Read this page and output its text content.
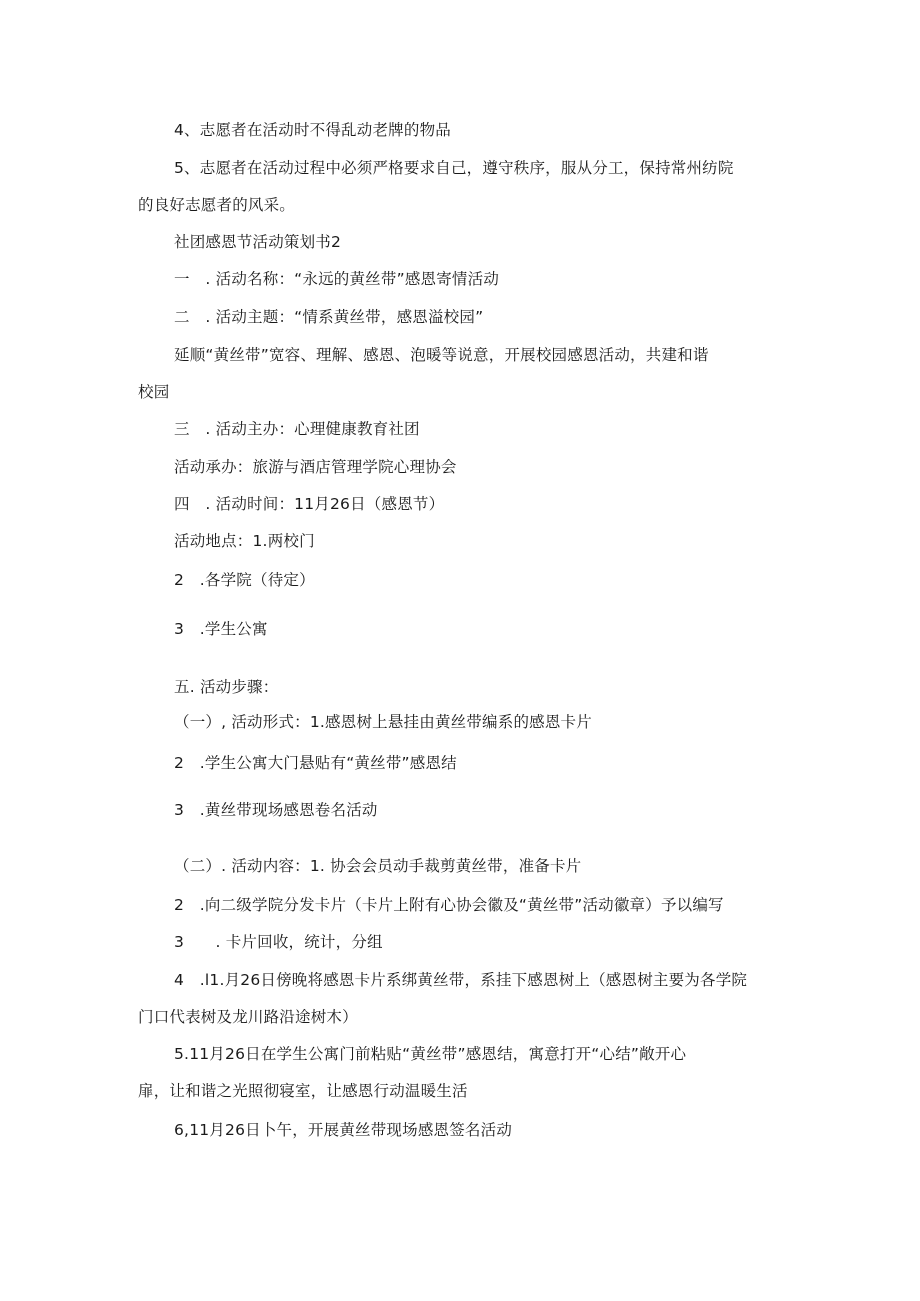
4、志愿者在活动时不得乱动老牌的物品
5、志愿者在活动过程中必须严格要求自己，遵守秩序，服从分工，保持常州纺院
的良好志愿者的风采。
社团感恩节活动策划书2
一　. 活动名称：“永远的黄丝带”感恩寄情活动
二　. 活动主题：“情系黄丝带，感恩溢校园”
延顺“黄丝带”宽容、理解、感恩、泡暖等说意，开展校园感恩活动，共建和谐
校园
三　. 活动主办：心理健康教育社团
活动承办：旅游与酒店管理学院心理协会
四　. 活动时间：11月26日（感恩节）
活动地点：1.两校门
2　.各学院（待定）
3　.学生公寓
五. 活动步骤：
（一）, 活动形式：1.感恩树上悬挂由黄丝带编系的感恩卡片
2　.学生公寓大门悬贴有“黄丝带”感恩结
3　.黄丝带现场感恩卷名活动
（二）. 活动内容：1. 协会会员动手裁剪黄丝带，准备卡片
2　.向二级学院分发卡片（卡片上附有心协会徽及“黄丝带”活动徽章）予以编写
3　　. 卡片回收，统计，分组
4　.l1.月26日傍晚将感恩卡片系绑黄丝带，系挂下感恩树上（感恩树主要为各学院
门口代表树及龙川路沿途树木）
5.11月26日在学生公寓门前粘贴“黄丝带”感恩结，寓意打开“心结”敞开心
扉，让和谐之光照彻寝室，让感恩行动温暖生活
6,11月26日卜午，开展黄丝带现场感恩签名活动
